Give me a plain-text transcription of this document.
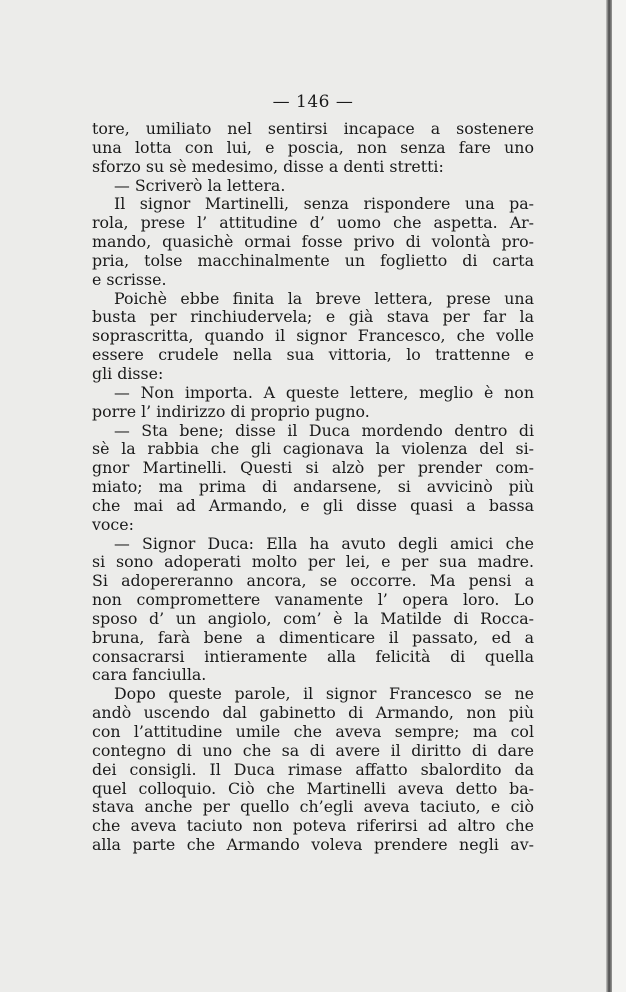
— 146 —
tore, umiliato nel sentirsi incapace a sostenere
una lotta con lui, e poscia, non senza fare uno
sforzo su sè medesimo, disse a denti stretti:
— Scriverò la lettera.
Il signor Martinelli, senza rispondere una pa-
rola, prese l’ attitudine d’ uomo che aspetta. Ar-
mando, quasichè ormai fosse privo di volontà pro-
pria, tolse macchinalmente un foglietto di carta
e scrisse.
Poichè ebbe finita la breve lettera, prese una
busta per rinchiudervela; e già stava per far la
soprascritta, quando il signor Francesco, che volle
essere crudele nella sua vittoria, lo trattenne e
gli disse:
— Non importa. A queste lettere, meglio è non
porre l’ indirizzo di proprio pugno.
— Sta bene; disse il Duca mordendo dentro di
sè la rabbia che gli cagionava la violenza del si-
gnor Martinelli. Questi si alzò per prender com-
miato; ma prima di andarsene, si avvicinò più
che mai ad Armando, e gli disse quasi a bassa
voce:
— Signor Duca: Ella ha avuto degli amici che
si sono adoperati molto per lei, e per sua madre.
Si adopereranno ancora, se occorre. Ma pensi a
non compromettere vanamente l’ opera loro. Lo
sposo d’ un angiolo, com’ è la Matilde di Rocca-
bruna, farà bene a dimenticare il passato, ed a
consacrarsi intieramente alla felicità di quella
cara fanciulla.
Dopo queste parole, il signor Francesco se ne
andò uscendo dal gabinetto di Armando, non più
con l’attitudine umile che aveva sempre; ma col
contegno di uno che sa di avere il diritto di dare
dei consigli. Il Duca rimase affatto sbalordito da
quel colloquio. Ciò che Martinelli aveva detto ba-
stava anche per quello ch’egli aveva taciuto, e ciò
che aveva taciuto non poteva riferirsi ad altro che
alla parte che Armando voleva prendere negli av-
